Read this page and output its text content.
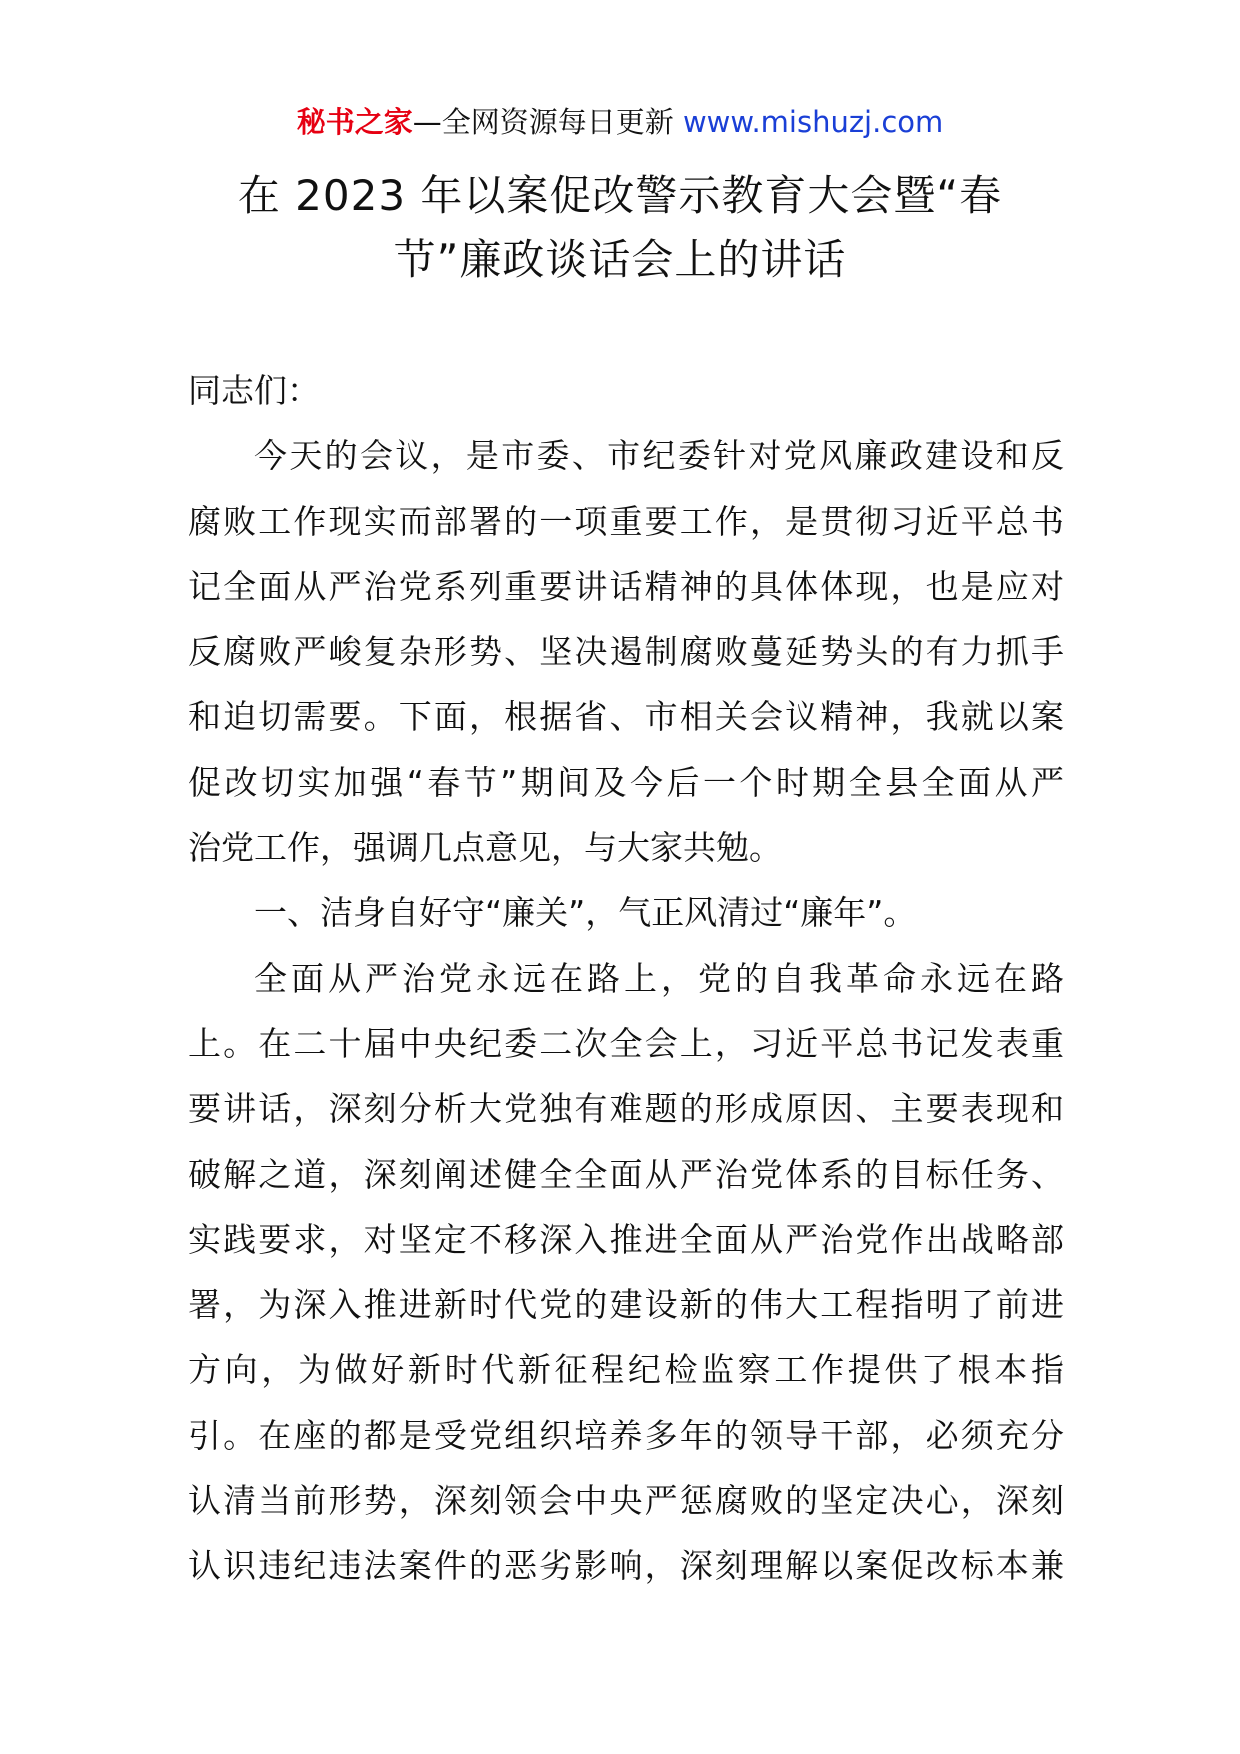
秘书之家—全网资源每日更新 www.mishuzj.com
在 2023 年以案促改警示教育大会暨“春
节”廉政谈话会上的讲话
同志们：
今天的会议，是市委、市纪委针对党风廉政建设和反
腐败工作现实而部署的一项重要工作，是贯彻习近平总书
记全面从严治党系列重要讲话精神的具体体现，也是应对
反腐败严峻复杂形势、坚决遏制腐败蔓延势头的有力抓手
和迫切需要。下面，根据省、市相关会议精神，我就以案
促改切实加强“春节”期间及今后一个时期全县全面从严
治党工作，强调几点意见，与大家共勉。
一、洁身自好守“廉关”，气正风清过“廉年”。
全面从严治党永远在路上，党的自我革命永远在路
上。在二十届中央纪委二次全会上，习近平总书记发表重
要讲话，深刻分析大党独有难题的形成原因、主要表现和
破解之道，深刻阐述健全全面从严治党体系的目标任务、
实践要求，对坚定不移深入推进全面从严治党作出战略部
署，为深入推进新时代党的建设新的伟大工程指明了前进
方向，为做好新时代新征程纪检监察工作提供了根本指
引。在座的都是受党组织培养多年的领导干部，必须充分
认清当前形势，深刻领会中央严惩腐败的坚定决心，深刻
认识违纪违法案件的恶劣影响，深刻理解以案促改标本兼
